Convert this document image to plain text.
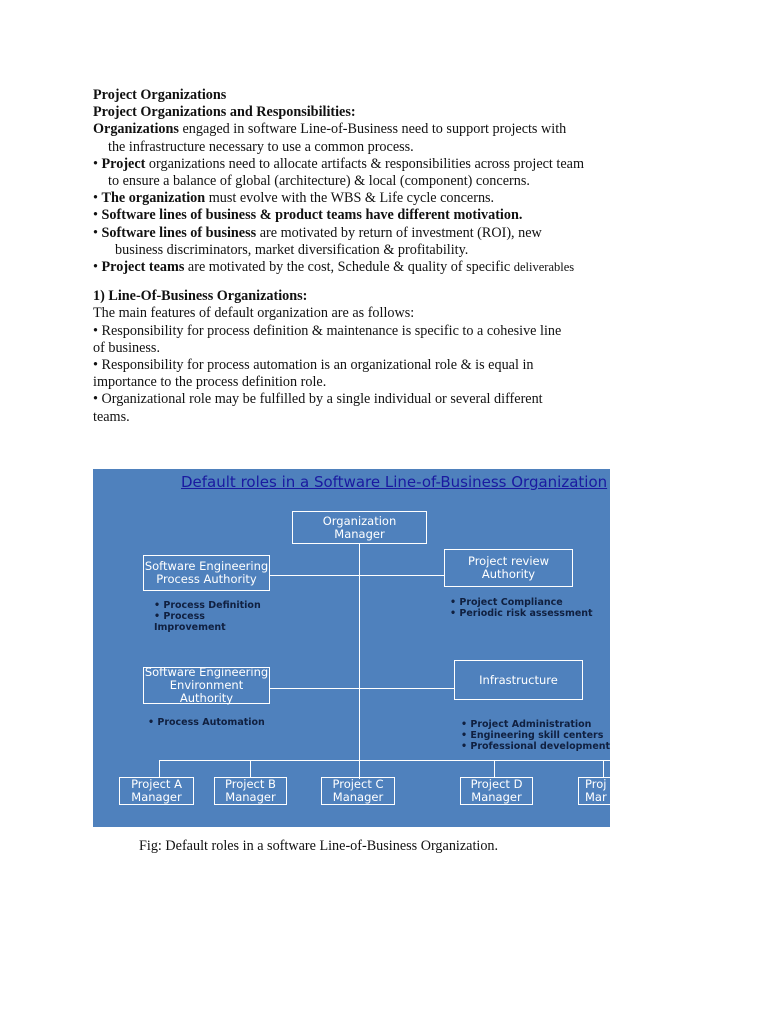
Project Organizations
Project Organizations and Responsibilities:
Organizations engaged in software Line-of-Business need to support projects with
the infrastructure necessary to use a common process.
• Project organizations need to allocate artifacts & responsibilities across project team
to ensure a balance of global (architecture) & local (component) concerns.
• The organization must evolve with the WBS & Life cycle concerns.
• Software lines of business & product teams have different motivation.
• Software lines of business are motivated by return of investment (ROI), new
business discriminators, market diversification & profitability.
• Project teams are motivated by the cost, Schedule & quality of specific deliverables
1) Line-Of-Business Organizations:
The main features of default organization are as follows:
• Responsibility for process definition & maintenance is specific to a cohesive line
of business.
• Responsibility for process automation is an organizational role & is equal in
importance to the process definition role.
• Organizational role may be fulfilled by a single individual or several different
teams.
Default roles in a Software Line-of-Business Organization
Organization
Manager
Software Engineering
Process Authority
Project review
Authority
Software Engineering
Environment Authority
Infrastructure
• Process Definition
• Process
Improvement
• Project Compliance
• Periodic risk assessment
• Process Automation	• Project Administration
• Engineering skill centers
• Professional development
Project A
Manager
Project B
Manager
Project C
Manager
Project D
Manager
Proj
Mar
Fig: Default roles in a software Line-of-Business Organization.
